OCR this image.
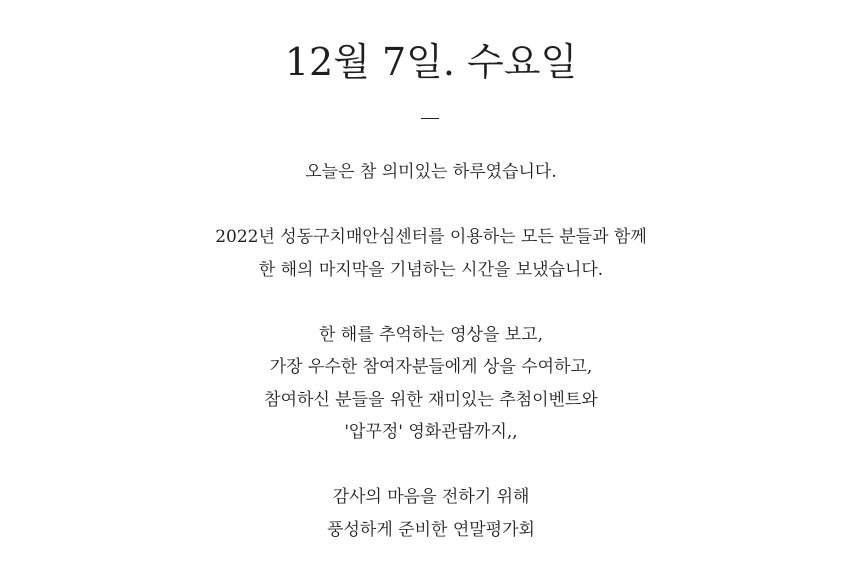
12월 7일. 수요일
오늘은 참 의미있는 하루였습니다.
2022년 성동구치매안심센터를 이용하는 모든 분들과 함께
한 해의 마지막을 기념하는 시간을 보냈습니다.
한 해를 추억하는 영상을 보고,
가장 우수한 참여자분들에게 상을 수여하고,
참여하신 분들을 위한 재미있는 추첨이벤트와
'압꾸정' 영화관람까지,,
감사의 마음을 전하기 위해
풍성하게 준비한 연말평가회
